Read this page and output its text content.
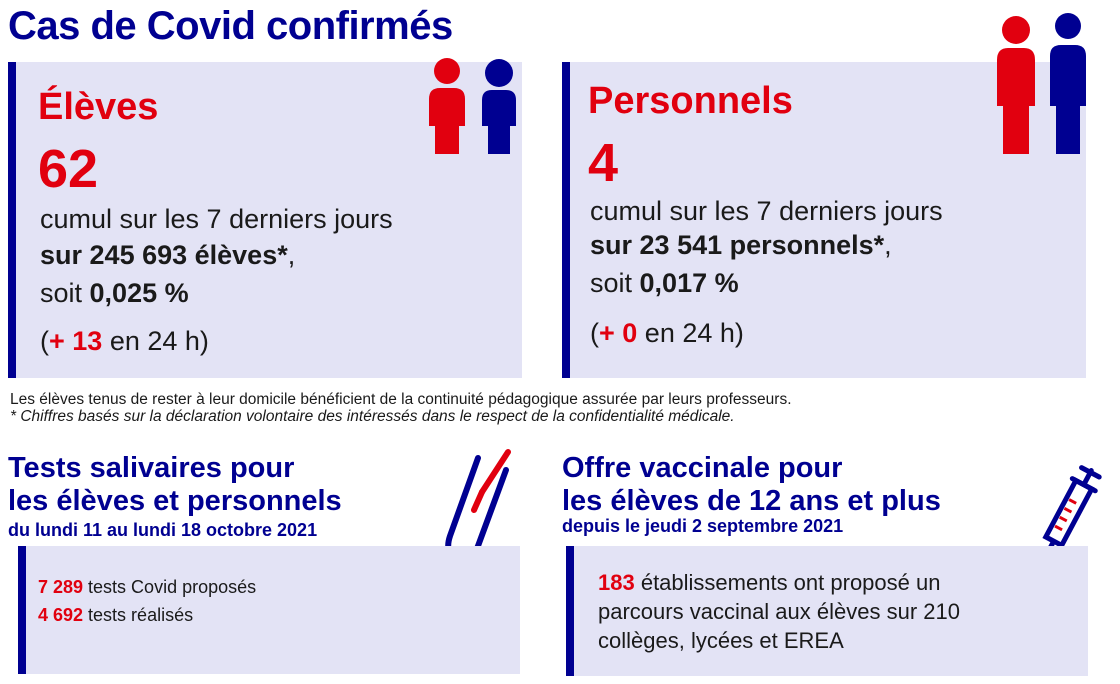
Cas de Covid confirmés
Élèves
62
cumul sur les 7 derniers jours
sur 245 693 élèves*,
soit 0,025 %
(+ 13 en 24 h)
Personnels
4
cumul sur les 7 derniers jours
sur 23 541 personnels*,
soit 0,017 %
(+ 0 en 24 h)
Les élèves tenus de rester à leur domicile bénéficient de la continuité pédagogique assurée par leurs professeurs.
* Chiffres basés sur la déclaration volontaire des intéressés dans le respect de la confidentialité médicale.
Tests salivaires pour
les élèves et personnels
du lundi 11 au lundi 18 octobre 2021
7 289 tests Covid proposés
4 692 tests réalisés
Offre vaccinale pour
les élèves de 12 ans et plus
depuis le jeudi 2 septembre 2021
183 établissements ont proposé un
parcours vaccinal aux élèves sur 210
collèges, lycées et EREA
